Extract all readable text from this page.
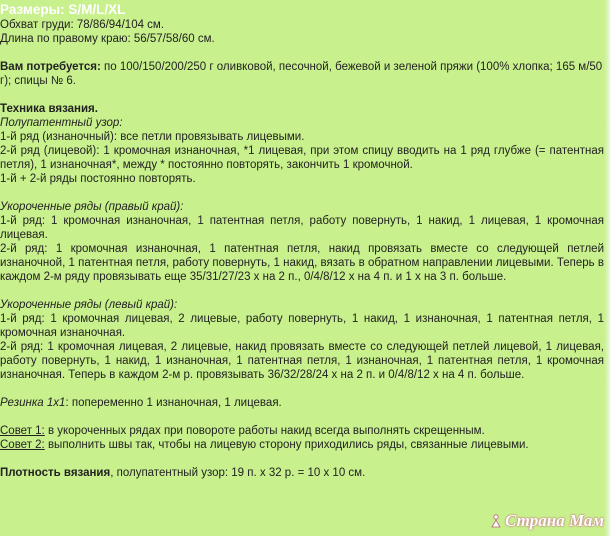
Размеры: S/M/L/XL

Обхват груди: 78/86/94/104 см.

Длина по правому краю: 56/57/58/60 см.

Вам потребуется: по 100/150/200/250 г оливковой, песочной, бежевой и зеленой пряжи (100% хлопка; 165 м/50 г); спицы № 6.

Техника вязания.

Полупатентный узор:

1-й ряд (изнаночный): все петли провязывать лицевыми.

2-й ряд (лицевой): 1 кромочная изнаночная, *1 лицевая, при этом спицу вводить на 1 ряд глубже (= патентная петля), 1 изнаночная*, между * постоянно повторять, закончить 1 кромочной.

1-й + 2-й ряды постоянно повторять.

Укороченные ряды (правый край):

1-й ряд: 1 кромочная изнаночная, 1 патентная петля, работу повернуть, 1 накид, 1 лицевая, 1 кромочная лицевая.

2-й ряд: 1 кромочная изнаночная, 1 патентная петля, накид провязать вместе со следующей петлей изнаночной, 1 патентная петля, работу повернуть, 1 накид, вязать в обратном направлении лицевыми. Теперь в каждом 2-м ряду провязывать еще 35/31/27/23 х на 2 п., 0/4/8/12 х на 4 п. и 1 х на 3 п. больше.

Укороченные ряды (левый край):

1-й ряд: 1 кромочная лицевая, 2 лицевые, работу повернуть, 1 накид, 1 изнаночная, 1 патентная петля, 1 кромочная изнаночная.

2-й ряд: 1 кромочная лицевая, 2 лицевые, накид провязать вместе со следующей петлей лицевой, 1 лицевая, работу повернуть, 1 накид, 1 изнаночная, 1 патентная петля, 1 изнаночная, 1 патентная петля, 1 кромочная изнаночная. Теперь в каждом 2-м р. провязывать 36/32/28/24 х на 2 п. и 0/4/8/12 х на 4 п. больше.

Резинка 1x1: попеременно 1 изнаночная, 1 лицевая.

Совет 1: в укороченных рядах при повороте работы накид всегда выполнять скрещенным.

Совет 2: выполнить швы так, чтобы на лицевую сторону приходились ряды, связанные лицевыми.

Плотность вязания, полупатентный узор: 19 п. х 32 р. = 10 х 10 см.

Страна Мам
